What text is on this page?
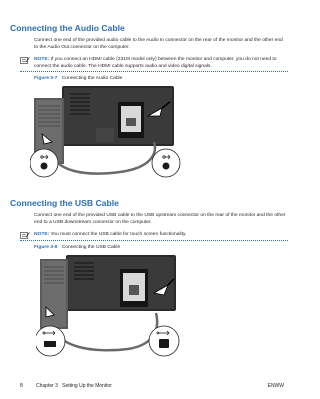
Connecting the Audio Cable
Connect one end of the provided audio cable to the Audio In connector on the rear of the monitor and the other end to the Audio Out connector on the computer.
NOTE: If you connect an HDMI cable (2310t model only) between the monitor and computer, you do not need to connect the audio cable. The HDMI cable supports audio and video digital signals.
Figure 3-7 Connecting the Audio Cable
Connecting the USB Cable
Connect one end of the provided USB cable to the USB upstream connector on the rear of the monitor and the other end to a USB downstream connector on the computer.
NOTE: You must connect the USB cable for touch screen functionality.
Figure 3-8 Connecting the USB Cable
8	Chapter 3   Setting Up the Monitor	ENWW
